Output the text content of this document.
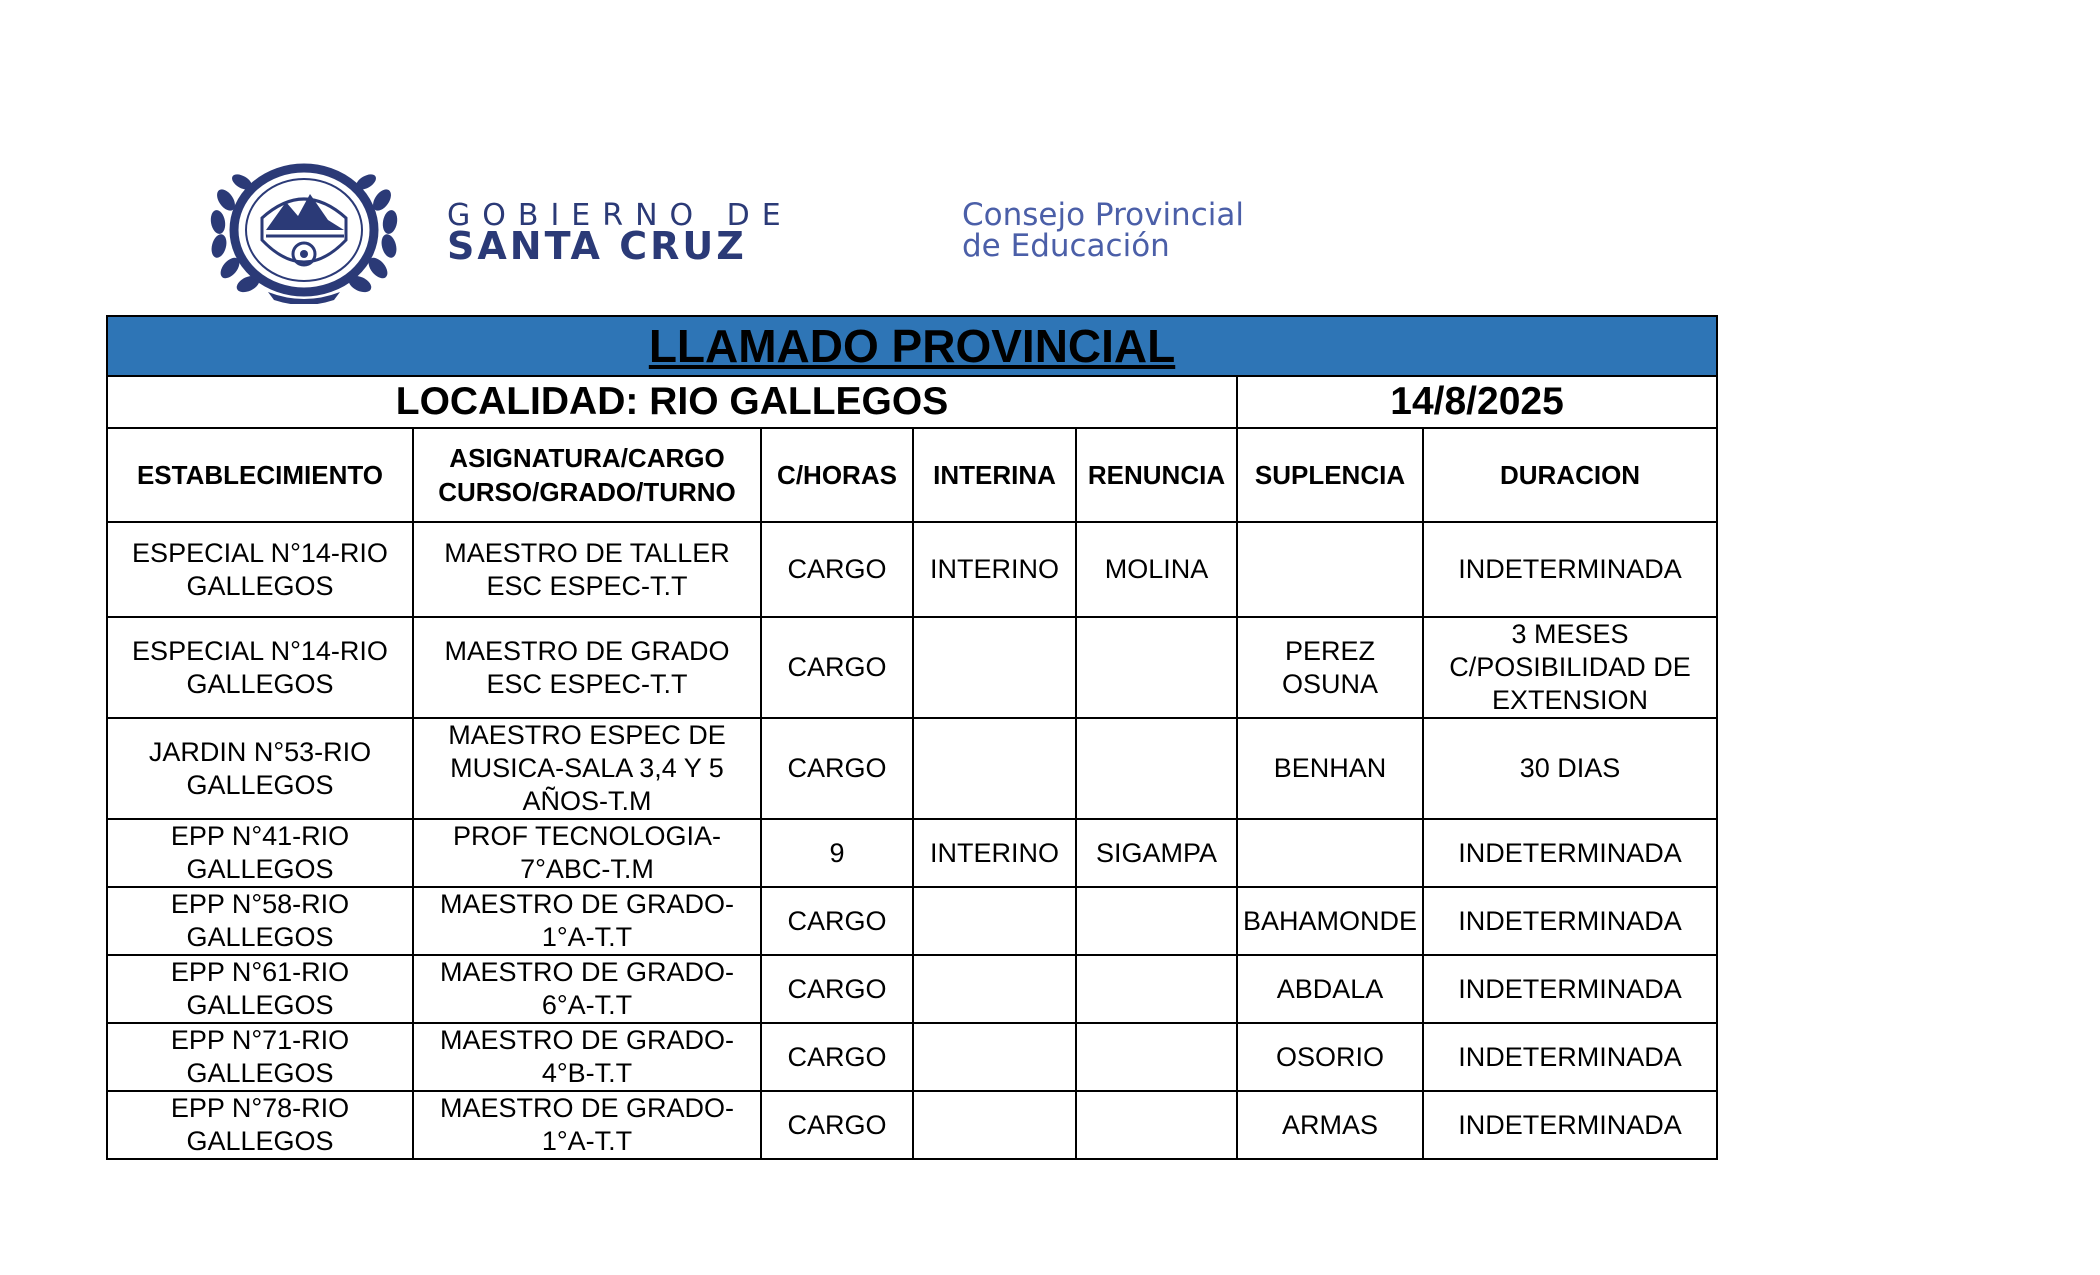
GOBIERNO DE
SANTA CRUZ
Consejo Provincial
de Educación
LLAMADO PROVINCIAL						
LOCALIDAD: RIO GALLEGOS					14/8/2025	
ESTABLECIMIENTO	ASIGNATURA/CARGO CURSO/GRADO/TURNO	C/HORAS	INTERINA	RENUNCIA	SUPLENCIA	DURACION
ESPECIAL N°14-RIO GALLEGOS	MAESTRO DE TALLER ESC ESPEC-T.T	CARGO	INTERINO	MOLINA		INDETERMINADA
ESPECIAL N°14-RIO GALLEGOS	MAESTRO DE GRADO ESC ESPEC-T.T	CARGO			PEREZ OSUNA	3 MESES C/POSIBILIDAD DE EXTENSION
JARDIN N°53-RIO GALLEGOS	MAESTRO ESPEC DE MUSICA-SALA 3,4 Y 5 AÑOS-T.M	CARGO			BENHAN	30 DIAS
EPP N°41-RIO GALLEGOS	PROF TECNOLOGIA-7°ABC-T.M	9	INTERINO	SIGAMPA		INDETERMINADA
EPP N°58-RIO GALLEGOS	MAESTRO DE GRADO-1°A-T.T	CARGO			BAHAMONDE	INDETERMINADA
EPP N°61-RIO GALLEGOS	MAESTRO DE GRADO-6°A-T.T	CARGO			ABDALA	INDETERMINADA
EPP N°71-RIO GALLEGOS	MAESTRO DE GRADO-4°B-T.T	CARGO			OSORIO	INDETERMINADA
EPP N°78-RIO GALLEGOS	MAESTRO DE GRADO-1°A-T.T	CARGO			ARMAS	INDETERMINADA
